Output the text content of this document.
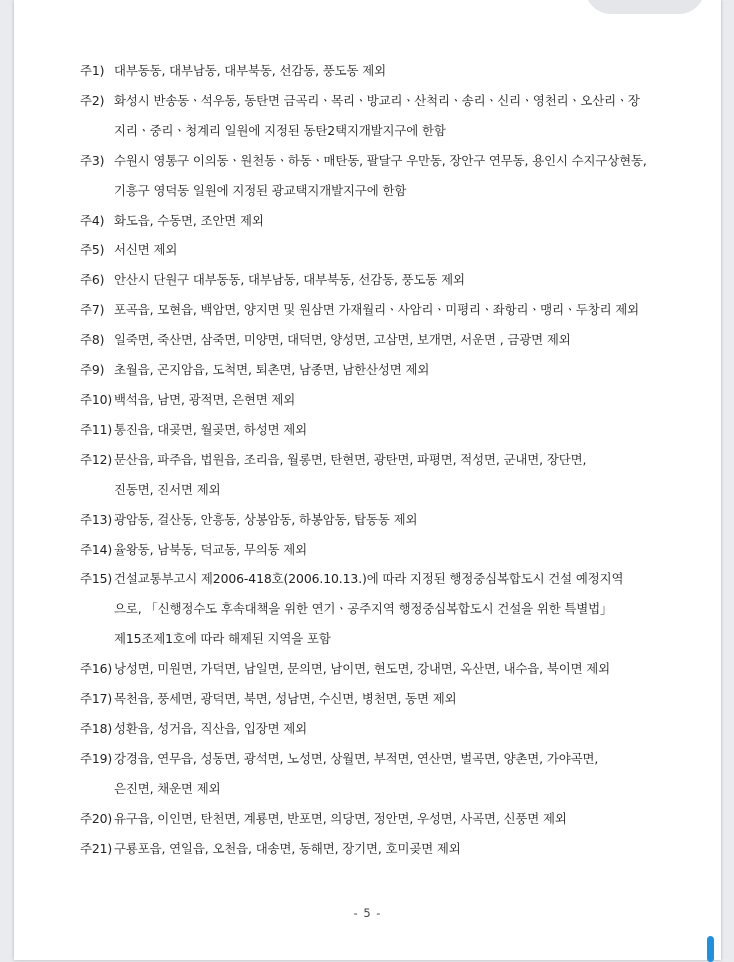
주1) 대부동동, 대부남동, 대부북동, 선감동, 풍도동 제외
주2) 화성시 반송동ㆍ석우동, 동탄면 금곡리ㆍ목리ㆍ방교리ㆍ산척리ㆍ송리ㆍ신리ㆍ영천리ㆍ오산리ㆍ장
지리ㆍ중리ㆍ청계리 일원에 지정된 동탄2택지개발지구에 한함
주3) 수원시 영통구 이의동ㆍ원천동ㆍ하동ㆍ매탄동, 팔달구 우만동, 장안구 연무동, 용인시 수지구상현동,
기흥구 영덕동 일원에 지정된 광교택지개발지구에 한함
주4) 화도읍, 수동면, 조안면 제외
주5) 서신면 제외
주6) 안산시 단원구 대부동동, 대부남동, 대부북동, 선감동, 풍도동 제외
주7) 포곡읍, 모현읍, 백암면, 양지면 및 원삼면 가재월리ㆍ사암리ㆍ미평리ㆍ좌항리ㆍ맹리ㆍ두창리 제외
주8) 일죽면, 죽산면, 삼죽면, 미양면, 대덕면, 양성면, 고삼면, 보개면, 서운면 , 금광면 제외
주9) 초월읍, 곤지암읍, 도척면, 퇴촌면, 남종면, 남한산성면 제외
주10) 백석읍, 남면, 광적면, 은현면 제외
주11) 통진읍, 대곶면, 월곶면, 하성면 제외
주12) 문산읍, 파주읍, 법원읍, 조리읍, 월롱면, 탄현면, 광탄면, 파평면, 적성면, 군내면, 장단면,
진동면, 진서면 제외
주13) 광암동, 걸산동, 안흥동, 상봉암동, 하봉암동, 탑동동 제외
주14) 율왕동, 남북동, 덕교동, 무의동 제외
주15) 건설교통부고시 제2006-418호(2006.10.13.)에 따라 지정된 행정중심복합도시 건설 예정지역
으로, 「신행정수도 후속대책을 위한 연기ㆍ공주지역 행정중심복합도시 건설을 위한 특별법」
제15조제1호에 따라 해제된 지역을 포함
주16) 낭성면, 미원면, 가덕면, 남일면, 문의면, 남이면, 현도면, 강내면, 옥산면, 내수읍, 북이면 제외
주17) 목천읍, 풍세면, 광덕면, 북면, 성남면, 수신면, 병천면, 동면 제외
주18) 성환읍, 성거읍, 직산읍, 입장면 제외
주19) 강경읍, 연무읍, 성동면, 광석면, 노성면, 상월면, 부적면, 연산면, 벌곡면, 양촌면, 가야곡면,
은진면, 채운면 제외
주20) 유구읍, 이인면, 탄천면, 계룡면, 반포면, 의당면, 정안면, 우성면, 사곡면, 신풍면 제외
주21) 구룡포읍, 연일읍, 오천읍, 대송면, 동해면, 장기면, 호미곶면 제외
- 5 -
